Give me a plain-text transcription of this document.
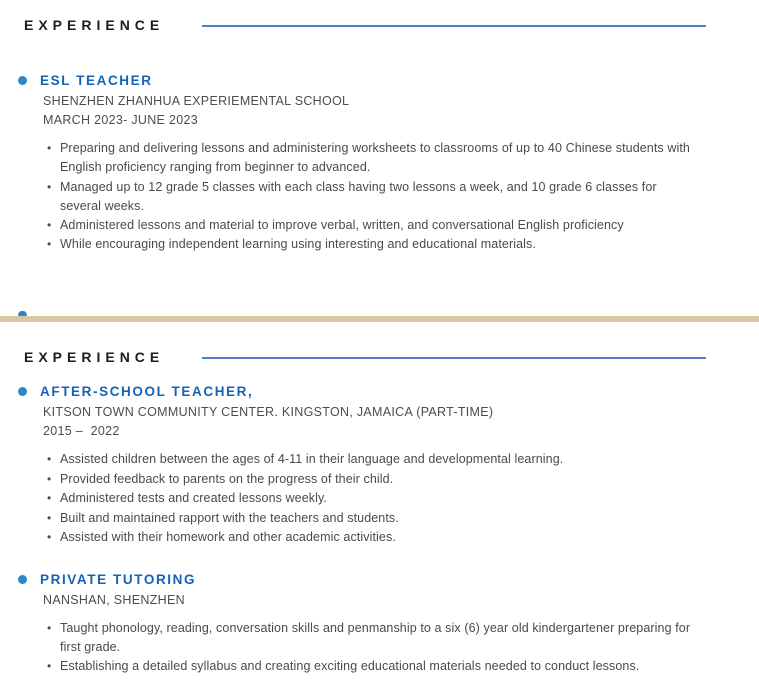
EXPERIENCE
ESL TEACHER
SHENZHEN ZHANHUA EXPERIEMENTAL SCHOOL
MARCH 2023- JUNE 2023
• Preparing and delivering lessons and administering worksheets to classrooms of up to 40 Chinese students with English proficiency ranging from beginner to advanced.
• Managed up to 12 grade 5 classes with each class having two lessons a week, and 10 grade 6 classes for several weeks.
• Administered lessons and material to improve verbal, written, and conversational English proficiency
• While encouraging independent learning using interesting and educational materials.
EXPERIENCE
AFTER-SCHOOL TEACHER,
KITSON TOWN COMMUNITY CENTER. KINGSTON, JAMAICA (PART-TIME)
2015 –  2022
• Assisted children between the ages of 4-11 in their language and developmental learning.
• Provided feedback to parents on the progress of their child.
• Administered tests and created lessons weekly.
• Built and maintained rapport with the teachers and students.
• Assisted with their homework and other academic activities.
PRIVATE TUTORING
NANSHAN, SHENZHEN
• Taught phonology, reading, conversation skills and penmanship to a six (6) year old kindergartener preparing for first grade.
• Establishing a detailed syllabus and creating exciting educational materials needed to conduct lessons.
